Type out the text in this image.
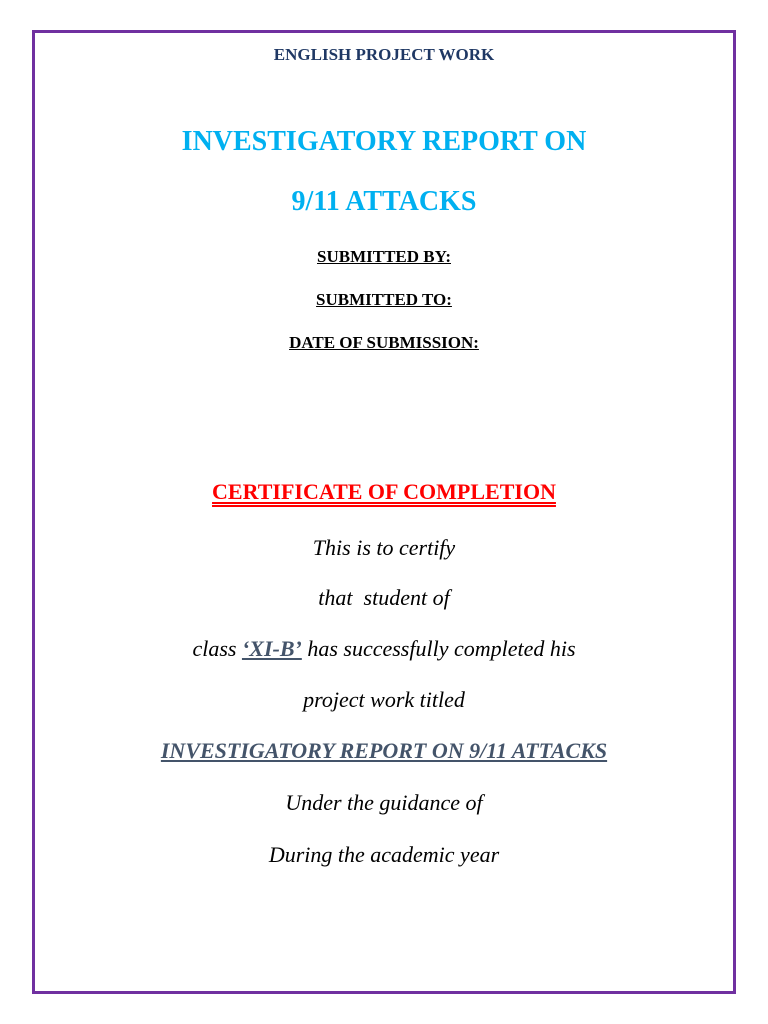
ENGLISH PROJECT WORK
INVESTIGATORY REPORT ON
9/11 ATTACKS
SUBMITTED BY:
SUBMITTED TO:
DATE OF SUBMISSION:
CERTIFICATE OF COMPLETION
This is to certify
that  student of
class ‘XI-B’ has successfully completed his
project work titled
INVESTIGATORY REPORT ON 9/11 ATTACKS
Under the guidance of
During the academic year
